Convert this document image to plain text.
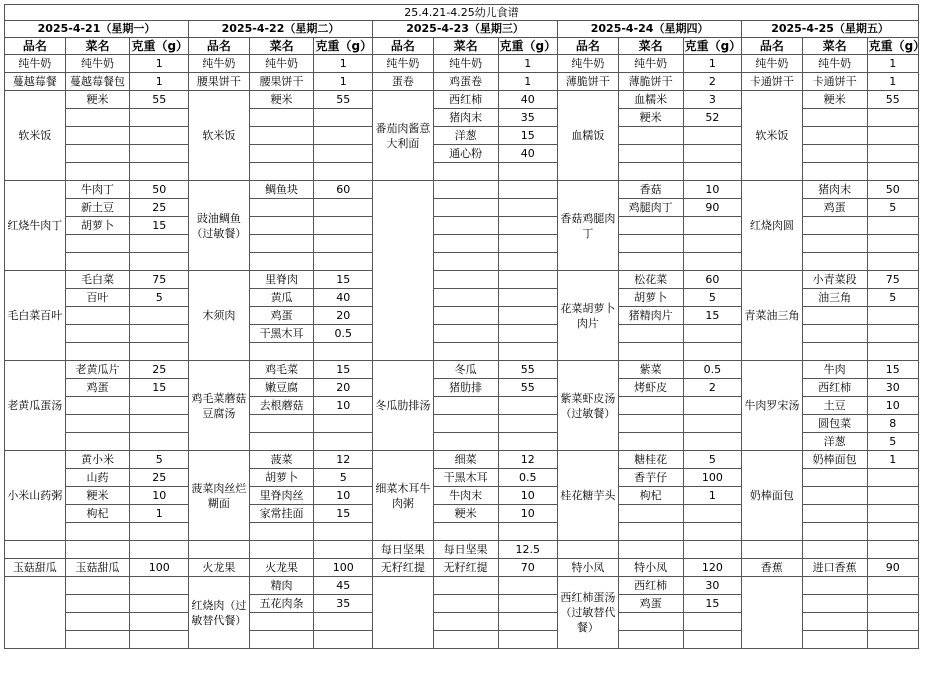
25.4.21-4.25幼儿食谱														
2025-4-21（星期一）			2025-4-22（星期二）			2025-4-23（星期三）			2025-4-24（星期四）			2025-4-25（星期五）		
品名	菜名	克重（g）	品名	菜名	克重（g）	品名	菜名	克重（g）	品名	菜名	克重（g）	品名	菜名	克重（g）
纯牛奶	纯牛奶	1	纯牛奶	纯牛奶	1	纯牛奶	纯牛奶	1	纯牛奶	纯牛奶	1	纯牛奶	纯牛奶	1
蔓越莓餐	蔓越莓餐包	1	腰果饼干	腰果饼干	1	蛋卷	鸡蛋卷	1	薄脆饼干	薄脆饼干	2	卡通饼干	卡通饼干	1
软米饭	粳米	55	软米饭	粳米	55	番茄肉酱意大利面	西红柿	40	血糯饭	血糯米	3	软米饭	粳米	55
							猪肉末	35		粳米	52			
							洋葱	15						
							通心粉	40						

红烧牛肉丁	牛肉丁	50	豉油鲷鱼（过敏餐）	鲷鱼块	60				香菇鸡腿肉丁	香菇	10	红烧肉圆	猪肉末	50
	新土豆	25								鸡腿肉丁	90		鸡蛋	5
	胡萝卜	15												

毛白菜百叶	毛白菜	75	木须肉	里脊肉	15				花菜胡萝卜肉片	松花菜	60	青菜油三角	小青菜段	75
	百叶	5		黄瓜	40					胡萝卜	5		油三角	5
				鸡蛋	20					猪精肉片	15			
				干黑木耳	0.5									

老黄瓜蛋汤	老黄瓜片	25	鸡毛菜蘑菇豆腐汤	鸡毛菜	15	冬瓜肋排汤	冬瓜	55	紫菜虾皮汤（过敏餐）	紫菜	0.5	牛肉罗宋汤	牛肉	15
	鸡蛋	15		嫩豆腐	20		猪肋排	55		烤虾皮	2		西红柿	30
				去根蘑菇	10								土豆	10
													圆包菜	8
													洋葱	5
小米山药粥	黄小米	5	菠菜肉丝烂糊面	菠菜	12	细菜木耳牛肉粥	细菜	12	桂花糖芋头	糖桂花	5	奶棒面包	奶棒面包	1
	山药	25		胡萝卜	5		干黑木耳	0.5		香芋仔	100			
	粳米	10		里脊肉丝	10		牛肉末	10		枸杞	1			
	枸杞	1		家常挂面	15		粳米	10						

						每日坚果	每日坚果	12.5						
玉菇甜瓜	玉菇甜瓜	100	火龙果	火龙果	100	无籽红提	无籽红提	70	特小凤	特小凤	120	香蕉	进口香蕉	90
			红烧肉（过敏替代餐）	精肉	45				西红柿蛋汤（过敏替代餐）	西红柿	30			
				五花肉条	35					鸡蛋	15			
